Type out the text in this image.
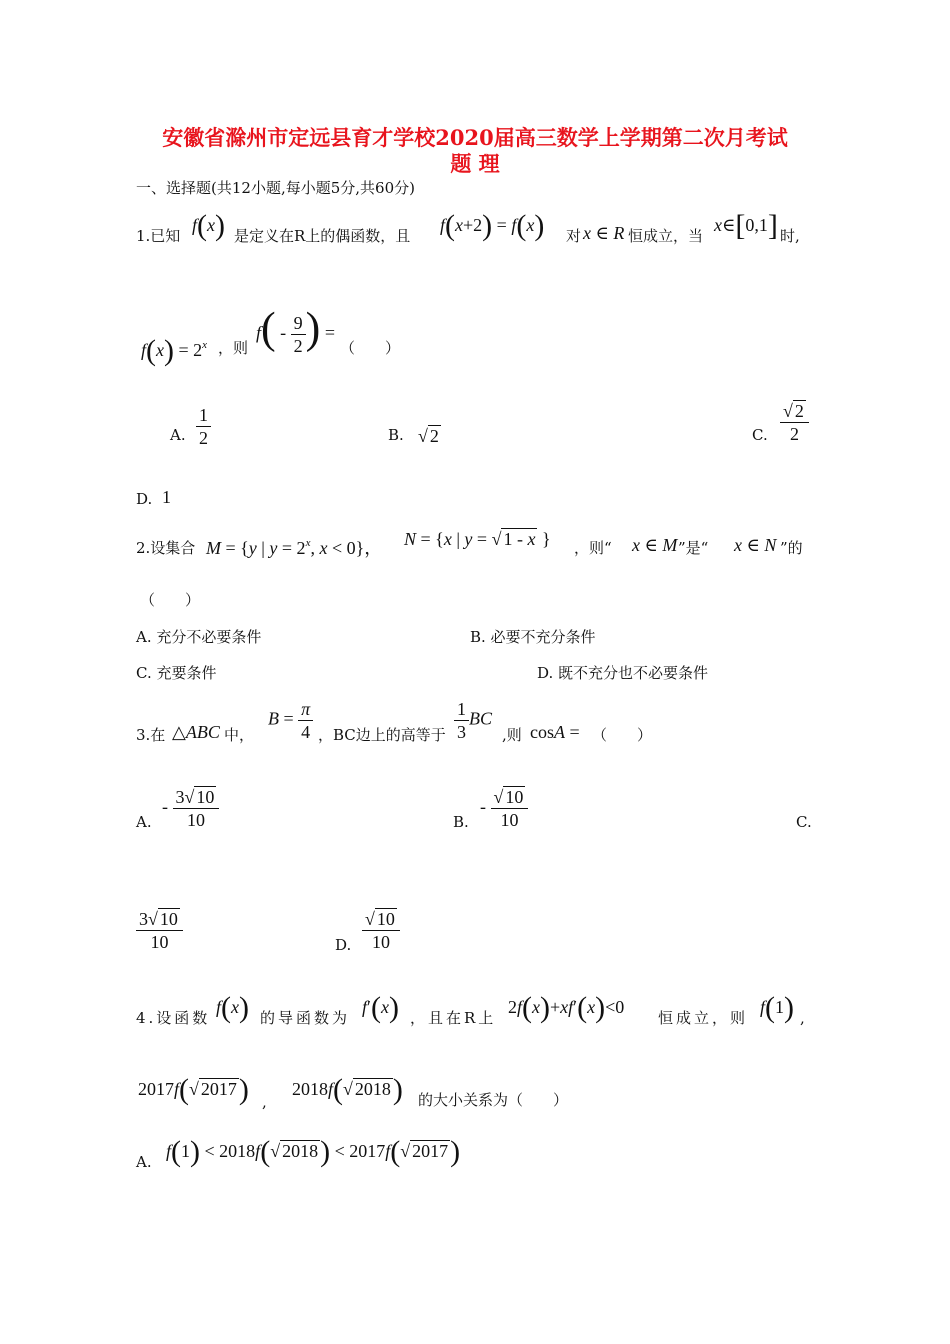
安徽省滁州市定远县育才学校2020届高三数学上学期第二次月考试
题 理
一、选择题(共12小题,每小题5分,共60分)
1.已知
f(x) 是定义在R上的偶函数，且
f(x+2) = f(x) 对 x ∈ R 恒成立，当
x∈[0,1] 时,
$f(x) = 2^x$ ，则
$f( - \frac{9}{2}$ ) =
（　　）
A. $\frac{1}{2}$	B. √ 2	C. $\frac{√ 2}{2}$
D. 1
2.设集合 M = {y | $y = 2^x$, x < 0}， N = {x | y = √ 1 - x } ，则“ x ∈ M ”是“ x ∈ N ”的
（　　）
A. 充分不必要条件	B. 必要不充分条件
C. 充要条件	D. 既不充分也不必要条件
3.在 △ABC 中，
$B = \frac{\pi}{4}$ ，BC边上的高等于 $\frac{1}{3}$ BC
,则 cosA = （　　）
A.
- $\frac{3√ 10}{10}$	B.
- $\frac{√ 10}{10}$	C.
$\frac{3√ 10}{10}$	D. $\frac{√ 10}{10}$
4.设函数
f(x) 的导函数为
f′(x) ，且在R上
2f(x)+xf′(x)<0
恒成立，则
f(1) ,
2017f(√ 2017) ,
2018f(√ 2018) 的大小关系为（　　）
A.
f(1) < 2018f(√ 2018) < 2017f(√ 2017)
